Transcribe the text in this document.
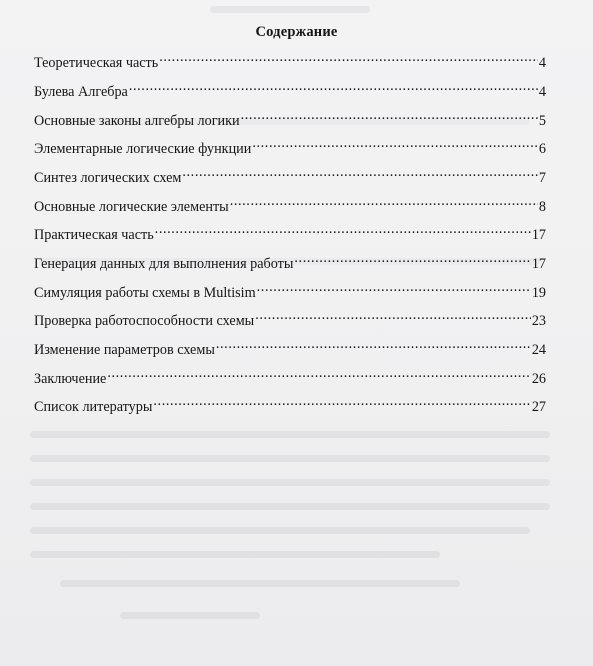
Содержание
Теоретическая часть .....	4
Булева Алгебра .....	4
Основные законы алгебры логики .....	5
Элементарные логические функции .....	6
Синтез логических схем .....	7
Основные логические элементы .....	8
Практическая часть .....	17
Генерация данных для выполнения работы .....	17
Симуляция работы схемы в Multisim .....	19
Проверка работоспособности схемы .....	23
Изменение параметров схемы .....	24
Заключение .....	26
Список литературы .....	27
